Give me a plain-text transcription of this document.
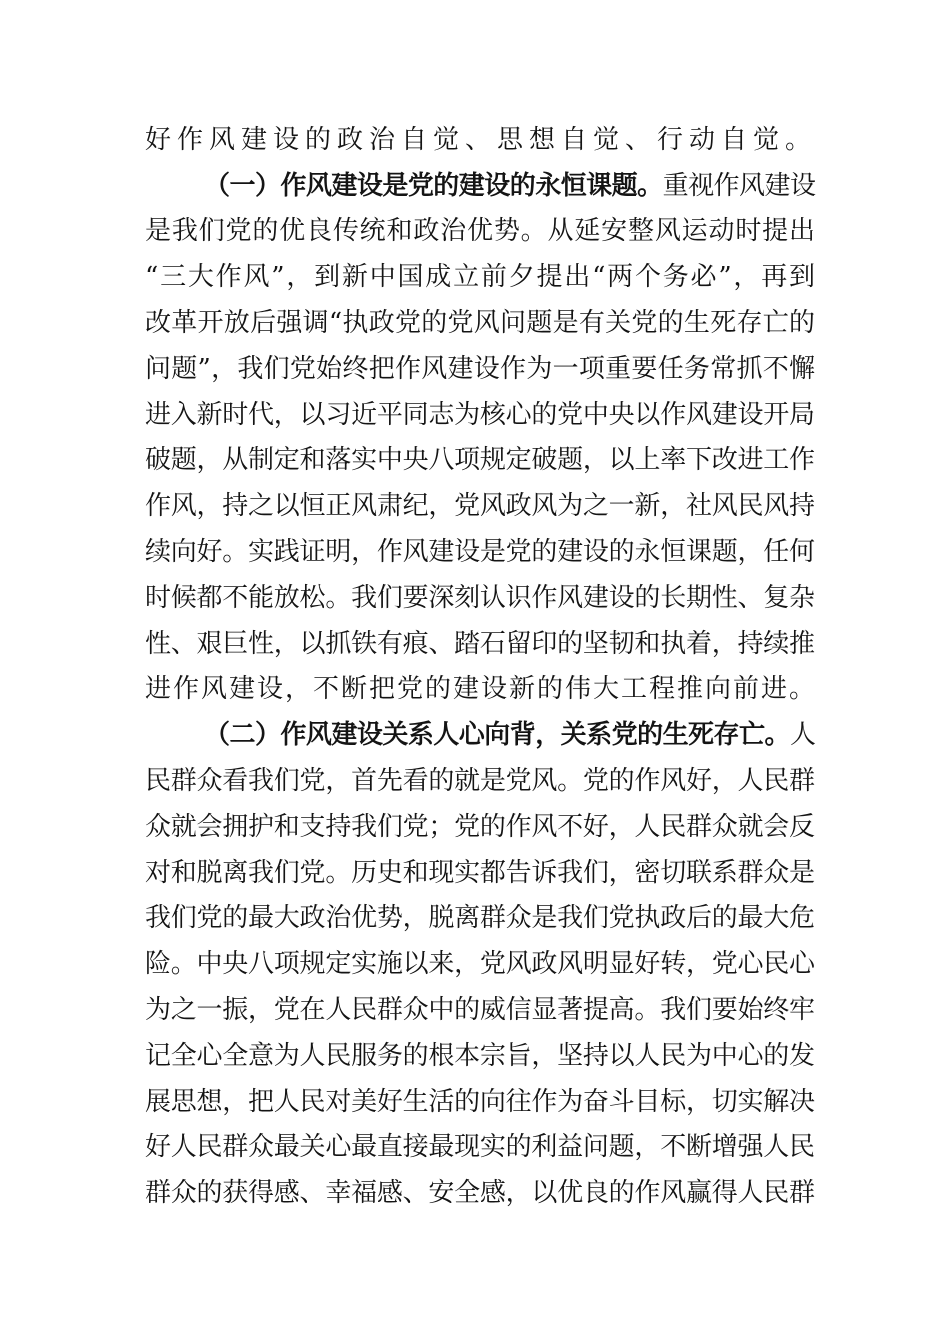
好作风建设的政治自觉、思想自觉、行动自觉。
（一）作风建设是党的建设的永恒课题。重视作风建设
是我们党的优良传统和政治优势。从延安整风运动时提出
“三大作风”，到新中国成立前夕提出“两个务必”，再到
改革开放后强调“执政党的党风问题是有关党的生死存亡的
问题”，我们党始终把作风建设作为一项重要任务常抓不懈
进入新时代，以习近平同志为核心的党中央以作风建设开局
破题，从制定和落实中央八项规定破题，以上率下改进工作
作风，持之以恒正风肃纪，党风政风为之一新，社风民风持
续向好。实践证明，作风建设是党的建设的永恒课题，任何
时候都不能放松。我们要深刻认识作风建设的长期性、复杂
性、艰巨性，以抓铁有痕、踏石留印的坚韧和执着，持续推
进作风建设，不断把党的建设新的伟大工程推向前进。
（二）作风建设关系人心向背，关系党的生死存亡。人
民群众看我们党，首先看的就是党风。党的作风好，人民群
众就会拥护和支持我们党；党的作风不好，人民群众就会反
对和脱离我们党。历史和现实都告诉我们，密切联系群众是
我们党的最大政治优势，脱离群众是我们党执政后的最大危
险。中央八项规定实施以来，党风政风明显好转，党心民心
为之一振，党在人民群众中的威信显著提高。我们要始终牢
记全心全意为人民服务的根本宗旨，坚持以人民为中心的发
展思想，把人民对美好生活的向往作为奋斗目标，切实解决
好人民群众最关心最直接最现实的利益问题，不断增强人民
群众的获得感、幸福感、安全感，以优良的作风赢得人民群
